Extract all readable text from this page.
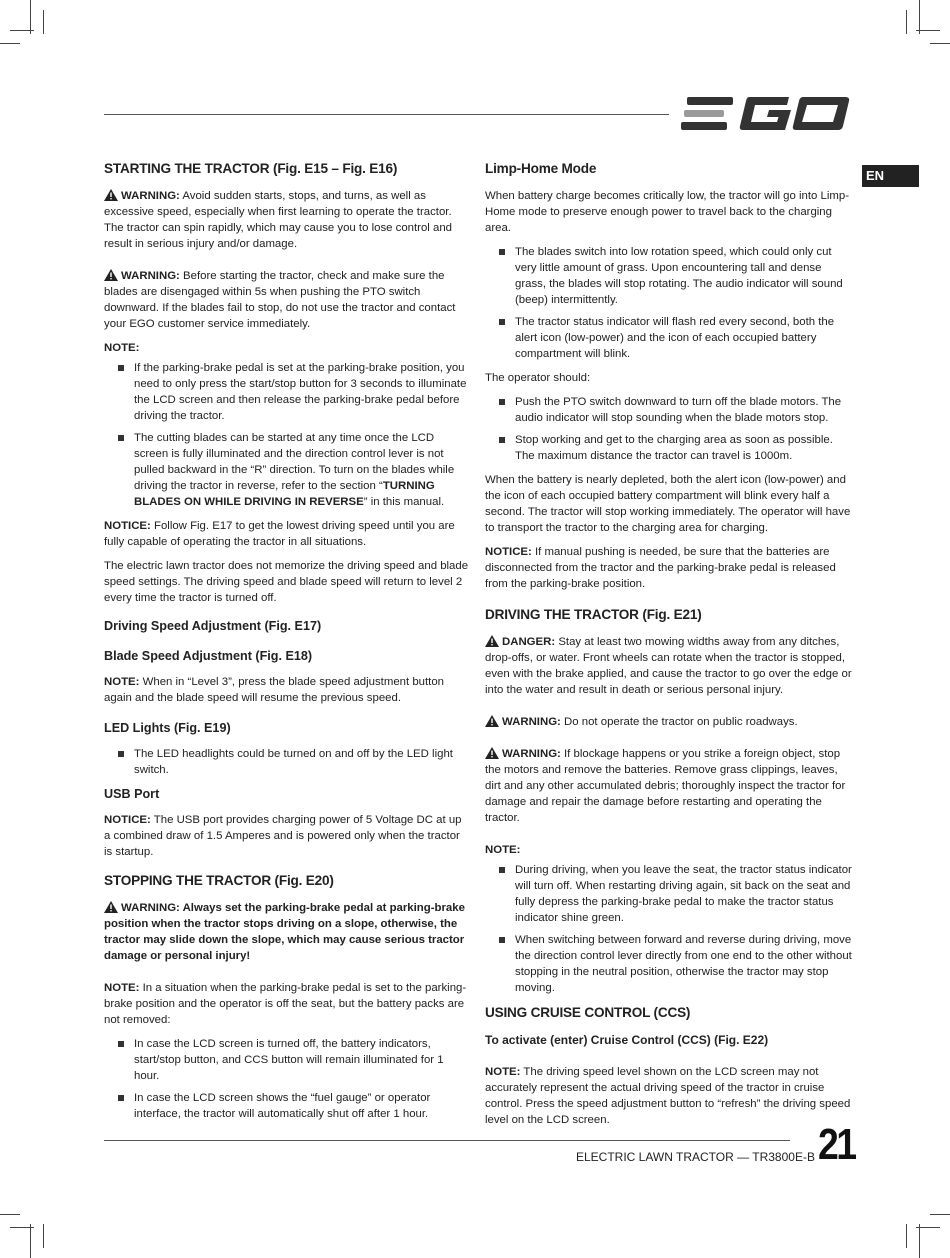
EN
STARTING THE TRACTOR (Fig. E15 – Fig. E16)

WARNING: Avoid sudden starts, stops, and turns, as well as excessive speed, especially when first learning to operate the tractor. The tractor can spin rapidly, which may cause you to lose control and result in serious injury and/or damage.

WARNING: Before starting the tractor, check and make sure the blades are disengaged within 5s when pushing the PTO switch downward. If the blades fail to stop, do not use the tractor and contact your EGO customer service immediately.

NOTE:

If the parking-brake pedal is set at the parking-brake position, you need to only press the start/stop button for 3 seconds to illuminate the LCD screen and then release the parking-brake pedal before driving the tractor.
The cutting blades can be started at any time once the LCD screen is fully illuminated and the direction control lever is not pulled backward in the “R” direction. To turn on the blades while driving the tractor in reverse, refer to the section “TURNING BLADES ON WHILE DRIVING IN REVERSE” in this manual.

NOTICE: Follow Fig. E17 to get the lowest driving speed until you are fully capable of operating the tractor in all situations.

The electric lawn tractor does not memorize the driving speed and blade speed settings. The driving speed and blade speed will return to level 2 every time the tractor is turned off.

Driving Speed Adjustment (Fig. E17)
Blade Speed Adjustment (Fig. E18)

NOTE: When in “Level 3”, press the blade speed adjustment button again and the blade speed will resume the previous speed.

LED Lights (Fig. E19)
The LED headlights could be turned on and off by the LED light switch.
USB Port

NOTICE: The USB port provides charging power of 5 Voltage DC at up a combined draw of 1.5 Amperes and is powered only when the tractor is startup.

STOPPING THE TRACTOR (Fig. E20)

WARNING: Always set the parking-brake pedal at parking-brake position when the tractor stops driving on a slope, otherwise, the tractor may slide down the slope, which may cause serious tractor damage or personal injury!

NOTE: In a situation when the parking-brake pedal is set to the parking-brake position and the operator is off the seat, but the battery packs are not removed:

In case the LCD screen is turned off, the battery indicators, start/stop button, and CCS button will remain illuminated for 1 hour.
In case the LCD screen shows the “fuel gauge” or operator interface, the tractor will automatically shut off after 1 hour.
Limp-Home Mode

When battery charge becomes critically low, the tractor will go into Limp-Home mode to preserve enough power to travel back to the charging area.

The blades switch into low rotation speed, which could only cut very little amount of grass. Upon encountering tall and dense grass, the blades will stop rotating. The audio indicator will sound (beep) intermittently.
The tractor status indicator will flash red every second, both the alert icon (low-power) and the icon of each occupied battery compartment will blink.

The operator should:

Push the PTO switch downward to turn off the blade motors. The audio indicator will stop sounding when the blade motors stop.
Stop working and get to the charging area as soon as possible. The maximum distance the tractor can travel is 1000m.

When the battery is nearly depleted, both the alert icon (low-power) and the icon of each occupied battery compartment will blink every half a second. The tractor will stop working immediately. The operator will have to transport the tractor to the charging area for charging.

NOTICE: If manual pushing is needed, be sure that the batteries are disconnected from the tractor and the parking-brake pedal is released from the parking-brake position.

DRIVING THE TRACTOR (Fig. E21)

DANGER: Stay at least two mowing widths away from any ditches, drop-offs, or water. Front wheels can rotate when the tractor is stopped, even with the brake applied, and cause the tractor to go over the edge or into the water and result in death or serious personal injury.

WARNING: Do not operate the tractor on public roadways.

WARNING: If blockage happens or you strike a foreign object, stop the motors and remove the batteries. Remove grass clippings, leaves, dirt and any other accumulated debris; thoroughly inspect the tractor for damage and repair the damage before restarting and operating the tractor.

NOTE:

During driving, when you leave the seat, the tractor status indicator will turn off. When restarting driving again, sit back on the seat and fully depress the parking-brake pedal to make the tractor status indicator shine green.
When switching between forward and reverse during driving, move the direction control lever directly from one end to the other without stopping in the neutral position, otherwise the tractor may stop moving.
USING CRUISE CONTROL (CCS)
To activate (enter) Cruise Control (CCS) (Fig. E22)

NOTE: The driving speed level shown on the LCD screen may not accurately represent the actual driving speed of the tractor in cruise control. Press the speed adjustment button to “refresh” the driving speed level on the LCD screen.

ELECTRIC LAWN TRACTOR — TR3800E-B 21
